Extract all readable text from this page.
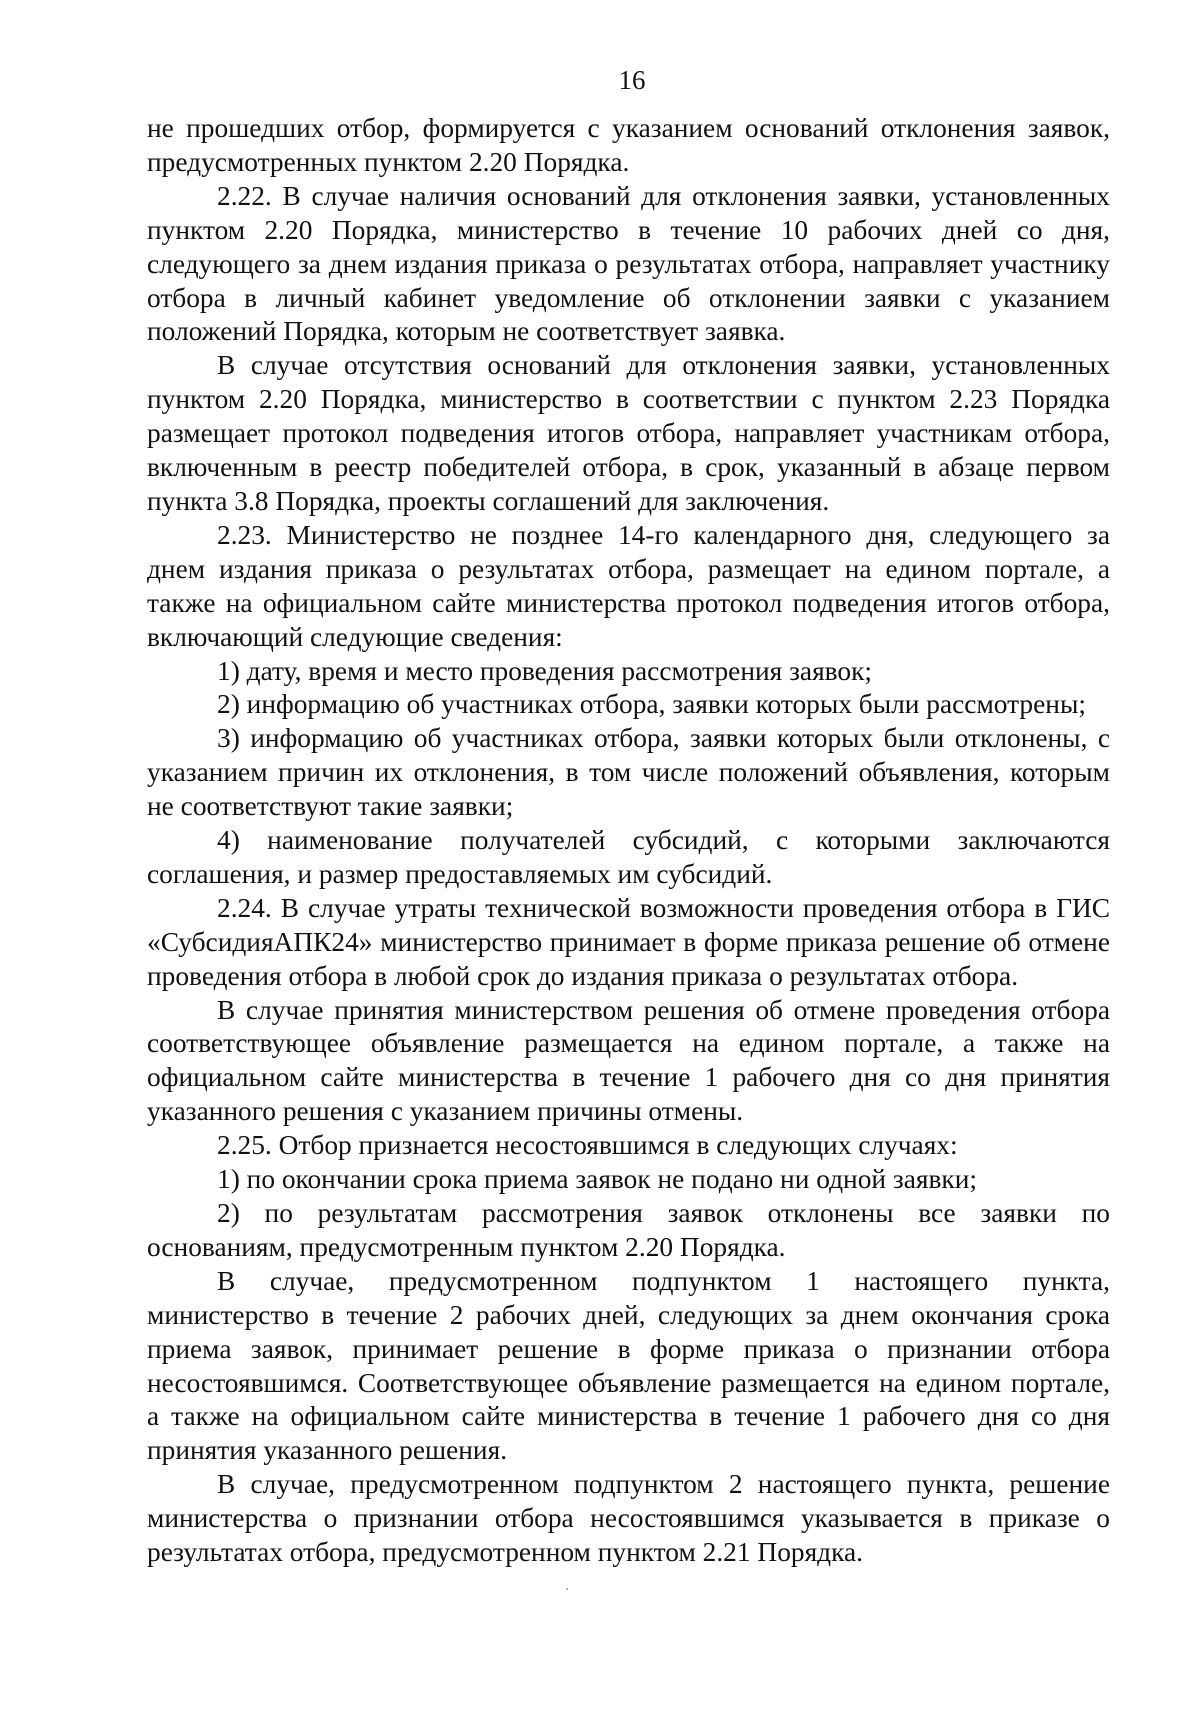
16

не прошедших отбор, формируется с указанием оснований отклонения заявок, предусмотренных пунктом 2.20 Порядка.

2.22. В случае наличия оснований для отклонения заявки, установленных пунктом 2.20 Порядка, министерство в течение 10 рабочих дней со дня, следующего за днем издания приказа о результатах отбора, направляет участнику отбора в личный кабинет уведомление об отклонении заявки с указанием положений Порядка, которым не соответствует заявка.

В случае отсутствия оснований для отклонения заявки, установленных пунктом 2.20 Порядка, министерство в соответствии с пунктом 2.23 Порядка размещает протокол подведения итогов отбора, направляет участникам отбора, включенным в реестр победителей отбора, в срок, указанный в абзаце первом пункта 3.8 Порядка, проекты соглашений для заключения.

2.23. Министерство не позднее 14-го календарного дня, следующего за днем издания приказа о результатах отбора, размещает на едином портале, а также на официальном сайте министерства протокол подведения итогов отбора, включающий следующие сведения:

1) дату, время и место проведения рассмотрения заявок;

2) информацию об участниках отбора, заявки которых были рассмотрены;

3) информацию об участниках отбора, заявки которых были отклонены, с указанием причин их отклонения, в том числе положений объявления, которым не соответствуют такие заявки;

4) наименование получателей субсидий, с которыми заключаются соглашения, и размер предоставляемых им субсидий.

2.24. В случае утраты технической возможности проведения отбора в ГИС «СубсидияАПК24» министерство принимает в форме приказа решение об отмене проведения отбора в любой срок до издания приказа о результатах отбора.

В случае принятия министерством решения об отмене проведения отбора соответствующее объявление размещается на едином портале, а также на официальном сайте министерства в течение 1 рабочего дня со дня принятия указанного решения с указанием причины отмены.

2.25. Отбор признается несостоявшимся в следующих случаях:

1) по окончании срока приема заявок не подано ни одной заявки;

2) по результатам рассмотрения заявок отклонены все заявки по основаниям, предусмотренным пунктом 2.20 Порядка.

В случае, предусмотренном подпунктом 1 настоящего пункта, министерство в течение 2 рабочих дней, следующих за днем окончания срока приема заявок, принимает решение в форме приказа о признании отбора несостоявшимся. Соответствующее объявление размещается на едином портале, а также на официальном сайте министерства в течение 1 рабочего дня со дня принятия указанного решения.

В случае, предусмотренном подпунктом 2 настоящего пункта, решение министерства о признании отбора несостоявшимся указывается в приказе о результатах отбора, предусмотренном пунктом 2.21 Порядка.
